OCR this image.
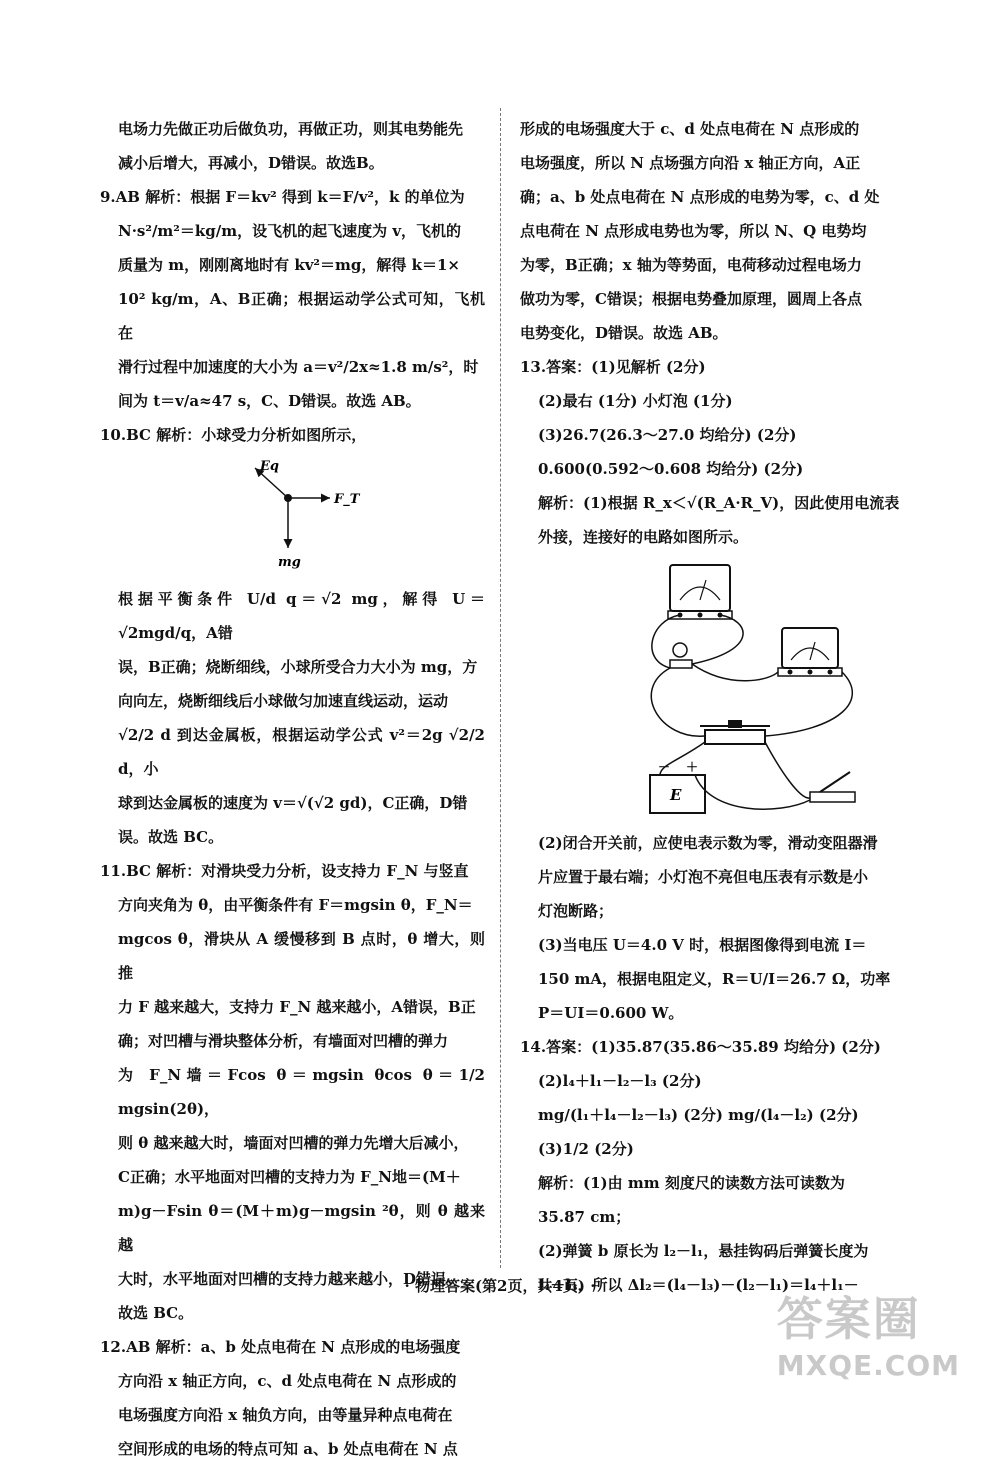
电场力先做正功后做负功，再做正功，则其电势能先

减小后增大，再减小，D错误。故选B。

9.AB 解析：根据 F＝kv² 得到 k＝F/v²，k 的单位为

N·s²/m²＝kg/m，设飞机的起飞速度为 v，飞机的

质量为 m，刚刚离地时有 kv²＝mg，解得 k＝1×

10² kg/m，A、B正确；根据运动学公式可知，飞机在

滑行过程中加速度的大小为 a＝v²/2x≈1.8 m/s²，时

间为 t＝v/a≈47 s，C、D错误。故选 AB。

10.BC 解析：小球受力分析如图所示，

Eq
F_T
mg

根据平衡条件 U/d q＝√2 mg，解得 U＝√2mgd/q，A错

误，B正确；烧断细线，小球所受合力大小为 mg，方

向向左，烧断细线后小球做匀加速直线运动，运动

√2/2 d 到达金属板，根据运动学公式 v²＝2g √2/2 d，小

球到达金属板的速度为 v＝√(√2 gd)，C正确，D错

误。故选 BC。

11.BC 解析：对滑块受力分析，设支持力 F_N 与竖直

方向夹角为 θ，由平衡条件有 F＝mgsin θ，F_N＝

mgcos θ，滑块从 A 缓慢移到 B 点时，θ 增大，则推

力 F 越来越大，支持力 F_N 越来越小，A错误，B正

确；对凹槽与滑块整体分析，有墙面对凹槽的弹力

为 F_N墙＝Fcos θ＝mgsin θcos θ＝1/2 mgsin(2θ)，

则 θ 越来越大时，墙面对凹槽的弹力先增大后减小，

C正确；水平地面对凹槽的支持力为 F_N地＝(M＋

m)g－Fsin θ＝(M＋m)g－mgsin ²θ，则 θ 越来越

大时，水平地面对凹槽的支持力越来越小，D错误。

故选 BC。

12.AB 解析：a、b 处点电荷在 N 点形成的电场强度

方向沿 x 轴正方向，c、d 处点电荷在 N 点形成的

电场强度方向沿 x 轴负方向，由等量异种点电荷在

空间形成的电场的特点可知 a、b 处点电荷在 N 点

形成的电场强度大于 c、d 处点电荷在 N 点形成的

电场强度，所以 N 点场强方向沿 x 轴正方向，A正

确；a、b 处点电荷在 N 点形成的电势为零，c、d 处

点电荷在 N 点形成电势也为零，所以 N、Q 电势均

为零，B正确；x 轴为等势面，电荷移动过程电场力

做功为零，C错误；根据电势叠加原理，圆周上各点

电势变化，D错误。故选 AB。

13.答案：(1)见解析 (2分)

(2)最右 (1分) 小灯泡 (1分)

(3)26.7(26.3～27.0 均给分) (2分)

0.600(0.592～0.608 均给分) (2分)

解析：(1)根据 R_x＜√(R_A·R_V)，因此使用电流表

外接，连接好的电路如图所示。

E
－ ＋

(2)闭合开关前，应使电表示数为零，滑动变阻器滑

片应置于最右端；小灯泡不亮但电压表有示数是小

灯泡断路；

(3)当电压 U＝4.0 V 时，根据图像得到电流 I＝

150 mA，根据电阻定义，R＝U/I＝26.7 Ω，功率

P＝UI＝0.600 W。

14.答案：(1)35.87(35.86～35.89 均给分) (2分)

(2)l₄＋l₁－l₂－l₃ (2分)

mg/(l₁＋l₄－l₂－l₃) (2分) mg/(l₄－l₂) (2分)

(3)1/2 (2分)

解析：(1)由 mm 刻度尺的读数方法可读数为

35.87 cm；

(2)弹簧 b 原长为 l₂－l₁，悬挂钩码后弹簧长度为

l₄－l₃，所以 Δl₂＝(l₄－l₃)－(l₂－l₁)＝l₄＋l₁－

· 物理答案(第2页，共4页) ·
答案圈
MXQE.COM
